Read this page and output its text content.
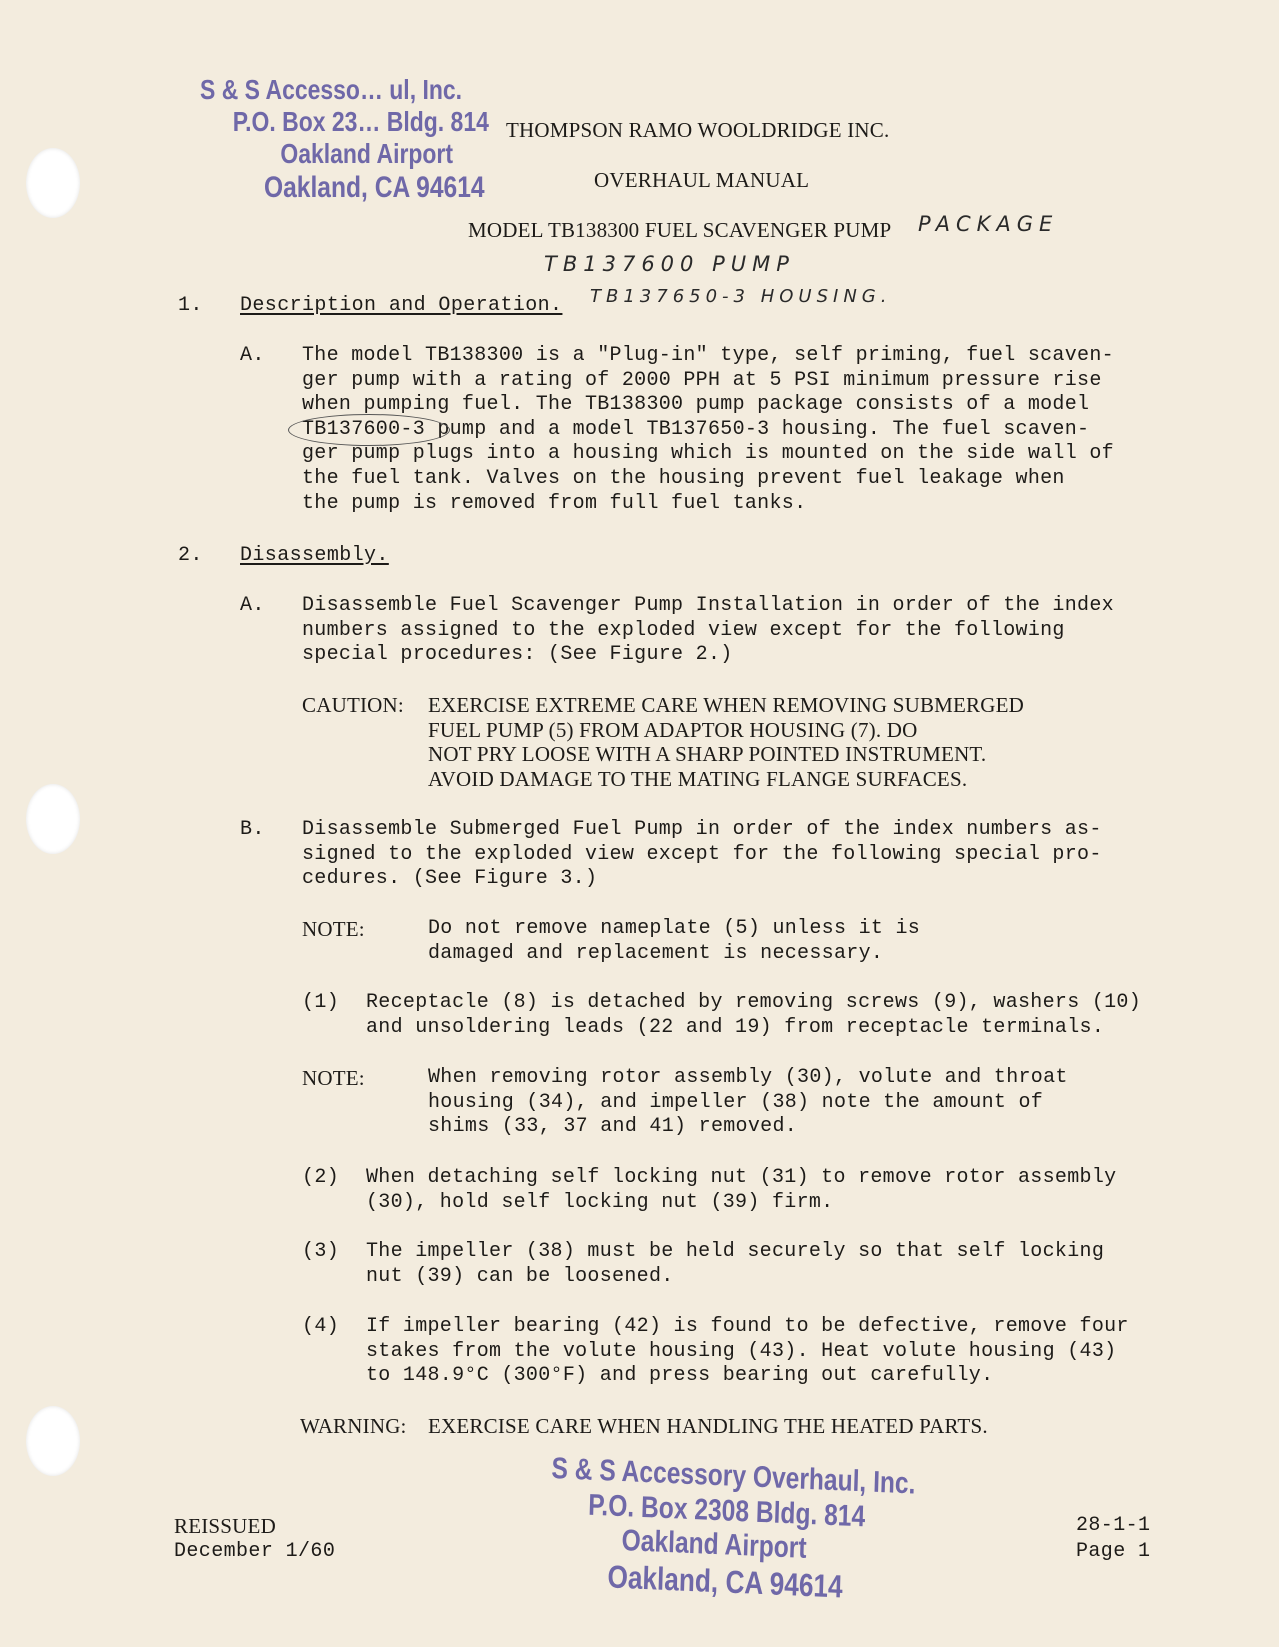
S & S Accesso… ul, Inc.
P.O. Box 23… Bldg. 814
Oakland Airport
Oakland, CA 94614
THOMPSON RAMO WOOLDRIDGE INC.
OVERHAUL MANUAL
MODEL TB138300 FUEL SCAVENGER PUMP PACKAGE
TB137600 PUMP
TB137650-3 HOUSING.
1. Description and Operation.
A. The model TB138300 is a "Plug-in" type, self priming, fuel scaven-
ger pump with a rating of 2000 PPH at 5 PSI minimum pressure rise
when pumping fuel. The TB138300 pump package consists of a model
TB137600-3 pump and a model TB137650-3 housing. The fuel scaven-
ger pump plugs into a housing which is mounted on the side wall of
the fuel tank. Valves on the housing prevent fuel leakage when
the pump is removed from full fuel tanks.
2. Disassembly.
A. Disassemble Fuel Scavenger Pump Installation in order of the index
numbers assigned to the exploded view except for the following
special procedures: (See Figure 2.)
CAUTION: EXERCISE EXTREME CARE WHEN REMOVING SUBMERGED
FUEL PUMP (5) FROM ADAPTOR HOUSING (7). DO
NOT PRY LOOSE WITH A SHARP POINTED INSTRUMENT.
AVOID DAMAGE TO THE MATING FLANGE SURFACES.
B. Disassemble Submerged Fuel Pump in order of the index numbers as-
signed to the exploded view except for the following special pro-
cedures. (See Figure 3.)
NOTE:	Do not remove nameplate (5) unless it is
damaged and replacement is necessary.
(1) Receptacle (8) is detached by removing screws (9), washers (10)
and unsoldering leads (22 and 19) from receptacle terminals.
NOTE:	When removing rotor assembly (30), volute and throat
housing (34), and impeller (38) note the amount of
shims (33, 37 and 41) removed.
(2) When detaching self locking nut (31) to remove rotor assembly
(30), hold self locking nut (39) firm.
(3) The impeller (38) must be held securely so that self locking
nut (39) can be loosened.
(4) If impeller bearing (42) is found to be defective, remove four
stakes from the volute housing (43). Heat volute housing (43)
to 148.9°C (300°F) and press bearing out carefully.
WARNING: EXERCISE CARE WHEN HANDLING THE HEATED PARTS.
S & S Accessory Overhaul, Inc.
P.O. Box 2308 Bldg. 814
Oakland Airport
Oakland, CA 94614
REISSUED
December 1/60
28-1-1
Page 1
